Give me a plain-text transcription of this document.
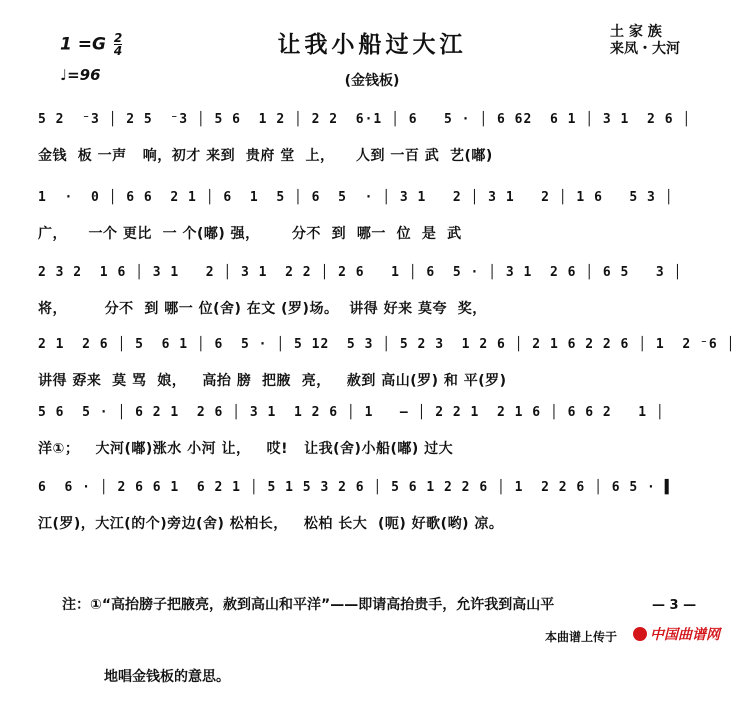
$1 =G \frac{2}{4}$
♩=96
让我小船过大江
(金钱板)
土 家 族
来凤・大河
5 2  ⁻3 │ 2 5  ⁻3 │ 5 6  1 2 │ 2 2  6·1 │ 6   5 · │ 6 62  6 1 │ 3 1  2 6 │
金钱  板 一声   响，初才 来到  贵府 堂  上，    人到 一百 武  艺(嘟)
1  ·  0 │ 6 6  2 1 │ 6  1  5 │ 6  5  · │ 3 1   2 │ 3 1   2 │ 1 6   5 3 │
广，    一个 更比  一 个(嘟) 强，      分不  到  哪一  位  是  武
2 3 2  1 6 │ 3 1   2 │ 3 1  2 2 │ 2 6   1 │ 6  5 · │ 3 1  2 6 │ 6 5   3 │
将，       分不  到 哪一 位(舍) 在文 (罗)场。  讲得 好来 莫夸  奖，
2 1  2 6 │ 5  6 1 │ 6  5 · │ 5 12  5 3 │ 5 2 3  1 2 6 │ 2 1 6 2 2 6 │ 1  2 ⁻6 │
讲得 孬来  莫 骂  娘，   高抬 膀  把腋  亮，   赦到 高山(罗) 和 平(罗)
5 6  5 · │ 6 2 1  2 6 │ 3 1  1 2 6 │ 1   — │ 2 2 1  2 1 6 │ 6 6 2   1 │
洋①；   大河(嘟)涨水 小河 让，   哎!   让我(舍)小船(嘟) 过大
6  6 · │ 2 6 6 1  6 2 1 │ 5 1 5 3 2 6 │ 5 6 1 2 2 6 │ 1  2 2 6 │ 6 5 · ▌
江(罗)，大江(的个)旁边(舍) 松柏长，   松柏 长大  (呃) 好歌(哟) 凉。

注：①“高抬膀子把腋亮，赦到高山和平洋”——即请高抬贵手，允许我到高山平

地唱金钱板的意思。

— 3 —
本曲谱上传于 中国曲谱网
